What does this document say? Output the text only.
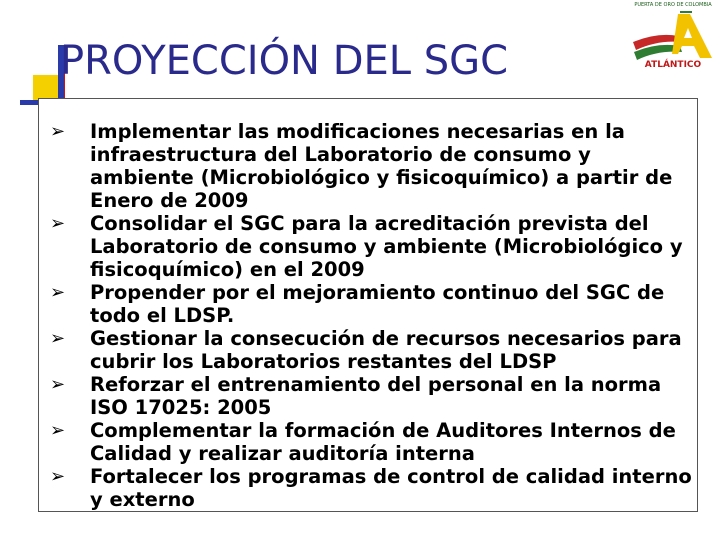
PROYECCIÓN DEL SGC
PUERTA DE ORO DE COLOMBIA
ATLÁNTICO
➢ Implementar las modificaciones necesarias en la infraestructura del Laboratorio de consumo y ambiente (Microbiológico y fisicoquímico) a partir de Enero de 2009
➢ Consolidar el SGC para la acreditación prevista del Laboratorio de consumo y ambiente (Microbiológico y fisicoquímico) en el 2009
➢ Propender por el mejoramiento continuo del SGC de todo el LDSP.
➢ Gestionar la consecución de recursos necesarios para cubrir los Laboratorios restantes del LDSP
➢ Reforzar el entrenamiento del personal en la norma ISO 17025: 2005
➢ Complementar la formación de Auditores Internos de Calidad y realizar auditoría interna
➢ Fortalecer los programas de control de calidad interno y externo
